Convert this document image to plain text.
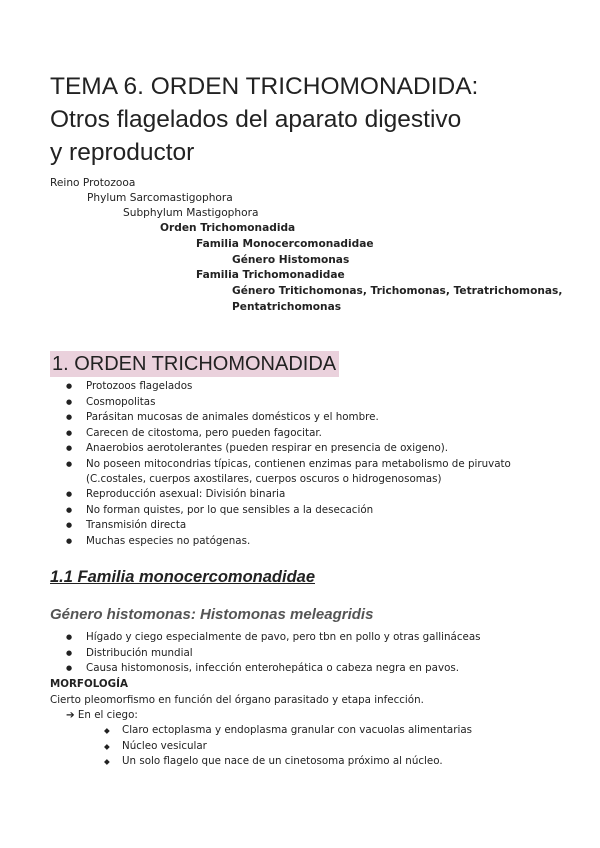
TEMA 6. ORDEN TRICHOMONADIDA:
Otros flagelados del aparato digestivo
y reproductor
Reino Protozooa
Phylum Sarcomastigophora
Subphylum Mastigophora
Orden Trichomonadida
Familia Monocercomonadidae
Género Histomonas
Familia Trichomonadidae
Género Tritichomonas, Trichomonas, Tetratrichomonas,
Pentatrichomonas
1. ORDEN TRICHOMONADIDA
● Protozoos flagelados
● Cosmopolitas
● Parásitan mucosas de animales domésticos y el hombre.
● Carecen de citostoma, pero pueden fagocitar.
● Anaerobios aerotolerantes (pueden respirar en presencia de oxigeno).
● No poseen mitocondrias típicas, contienen enzimas para metabolismo de piruvato
(C.costales, cuerpos axostilares, cuerpos oscuros o hidrogenosomas)
● Reproducción asexual: División binaria
● No forman quistes, por lo que sensibles a la desecación
● Transmisión directa
● Muchas especies no patógenas.
1.1 Familia monocercomonadidae
Género histomonas: Histomonas meleagridis
● Hígado y ciego especialmente de pavo, pero tbn en pollo y otras gallináceas
● Distribución mundial
● Causa histomonosis, infección enterohepática o cabeza negra en pavos.
MORFOLOGÍA
Cierto pleomorfismo en función del órgano parasitado y etapa infección.
➔ En el ciego:
◆ Claro ectoplasma y endoplasma granular con vacuolas alimentarias
◆ Núcleo vesicular
◆ Un solo flagelo que nace de un cinetosoma próximo al núcleo.
